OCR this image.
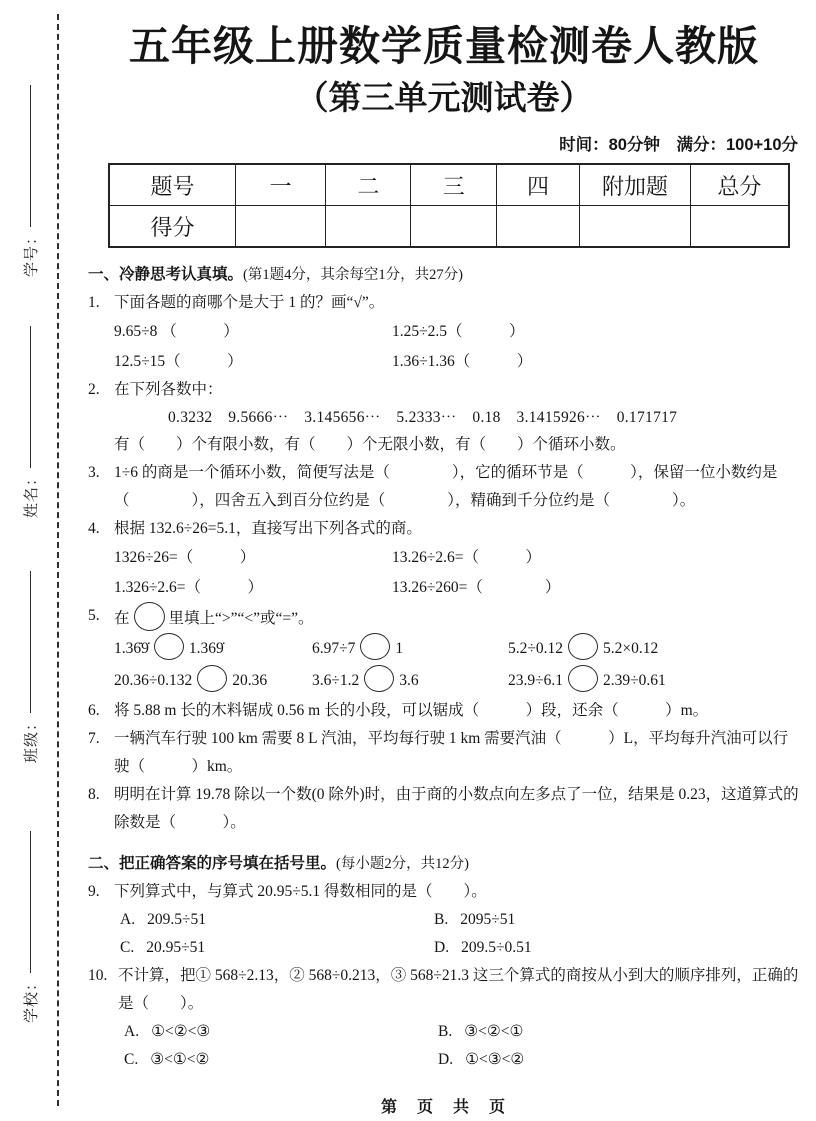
学号：
姓名：
班级：
学校：
五年级上册数学质量检测卷人教版
（第三单元测试卷）
时间：80分钟　满分：100+10分
题号	一	二	三	四	附加题	总分
得分						
一、冷静思考认真填。(第1题4分，其余每空1分，共27分)
1. 下面各题的商哪个是大于 1 的？画“√”。
9.65÷8 （　　　）	1.25÷2.5（　　　）
12.5÷15（　　　）	1.36÷1.36（　　　）
2. 在下列各数中：
0.3232　9.5666⋯　3.145656⋯　5.2333⋯　0.18　3.1415926⋯　0.171717
有（　　）个有限小数，有（　　）个无限小数，有（　　）个循环小数。
3. 1÷6 的商是一个循环小数，简便写法是（　　　　），它的循环节是（　　　），保留一位小数约是（　　　　），四舍五入到百分位约是（　　　　），精确到千分位约是（　　　　）。
4. 根据 132.6÷26=5.1，直接写出下列各式的商。
1326÷26=（　　　）	13.26÷2.6=（　　　）
1.326÷2.6=（　　　）	13.26÷260=（　　　　）
5. 在	里填上“>”“<”或“=”。
1.36̇9̇	1.369̇	6.97÷7	1	5.2÷0.12	5.2×0.12
20.36÷0.132	20.36	3.6÷1.2	3.6	23.9÷6.1	2.39÷0.61
6. 将 5.88 m 长的木料锯成 0.56 m 长的小段，可以锯成（　　　）段，还余（　　　）m。
7. 一辆汽车行驶 100 km 需要 8 L 汽油，平均每行驶 1 km 需要汽油（　　　）L，平均每升汽油可以行驶（　　　）km。
8. 明明在计算 19.78 除以一个数(0 除外)时，由于商的小数点向左多点了一位，结果是 0.23，这道算式的除数是（　　　）。
二、把正确答案的序号填在括号里。(每小题2分，共12分)
9. 下列算式中，与算式 20.95÷5.1 得数相同的是（　　）。
A. 209.5÷51	B. 2095÷51
C. 20.95÷51	D. 209.5÷0.51
10. 不计算，把① 568÷2.13，② 568÷0.213，③ 568÷21.3 这三个算式的商按从小到大的顺序排列，正确的是（　　）。
A. ①<②<③	B. ③<②<①
C. ③<①<②	D. ①<③<②
第　页　共　页
